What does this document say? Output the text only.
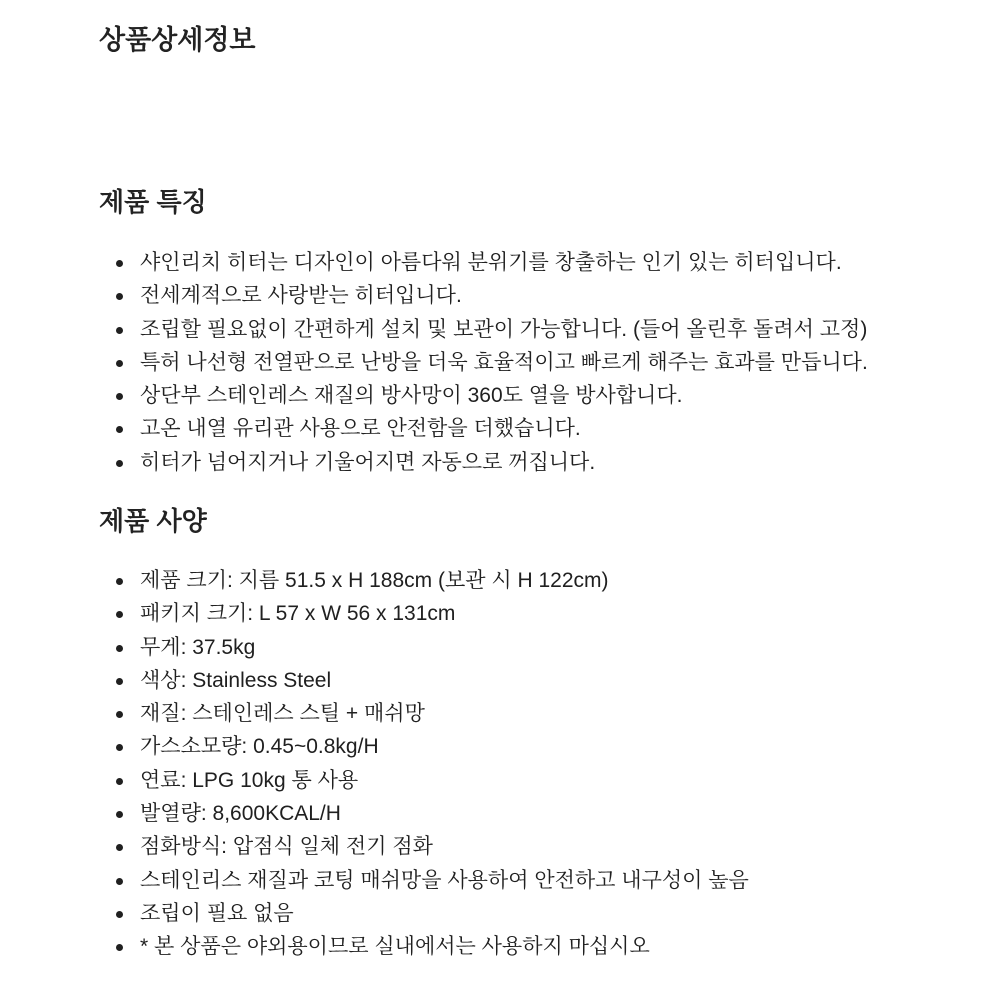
상품상세정보
제품 특징
샤인리치 히터는 디자인이 아름다워 분위기를 창출하는 인기 있는 히터입니다.
전세계적으로 사랑받는 히터입니다.
조립할 필요없이 간편하게 설치 및 보관이 가능합니다. (들어 올린후 돌려서 고정)
특허 나선형 전열판으로 난방을 더욱 효율적이고 빠르게 해주는 효과를 만듭니다.
상단부 스테인레스 재질의 방사망이 360도 열을 방사합니다.
고온 내열 유리관 사용으로 안전함을 더했습니다.
히터가 넘어지거나 기울어지면 자동으로 꺼집니다.
제품 사양
제품 크기: 지름 51.5 x H 188cm (보관 시 H 122cm)
패키지 크기: L 57 x W 56 x 131cm
무게: 37.5kg
색상: Stainless Steel
재질: 스테인레스 스틸 + 매쉬망
가스소모량: 0.45~0.8kg/H
연료: LPG 10kg 통 사용
발열량: 8,600KCAL/H
점화방식: 압점식 일체 전기 점화
스테인리스 재질과 코팅 매쉬망을 사용하여 안전하고 내구성이 높음
조립이 필요 없음
* 본 상품은 야외용이므로 실내에서는 사용하지 마십시오
